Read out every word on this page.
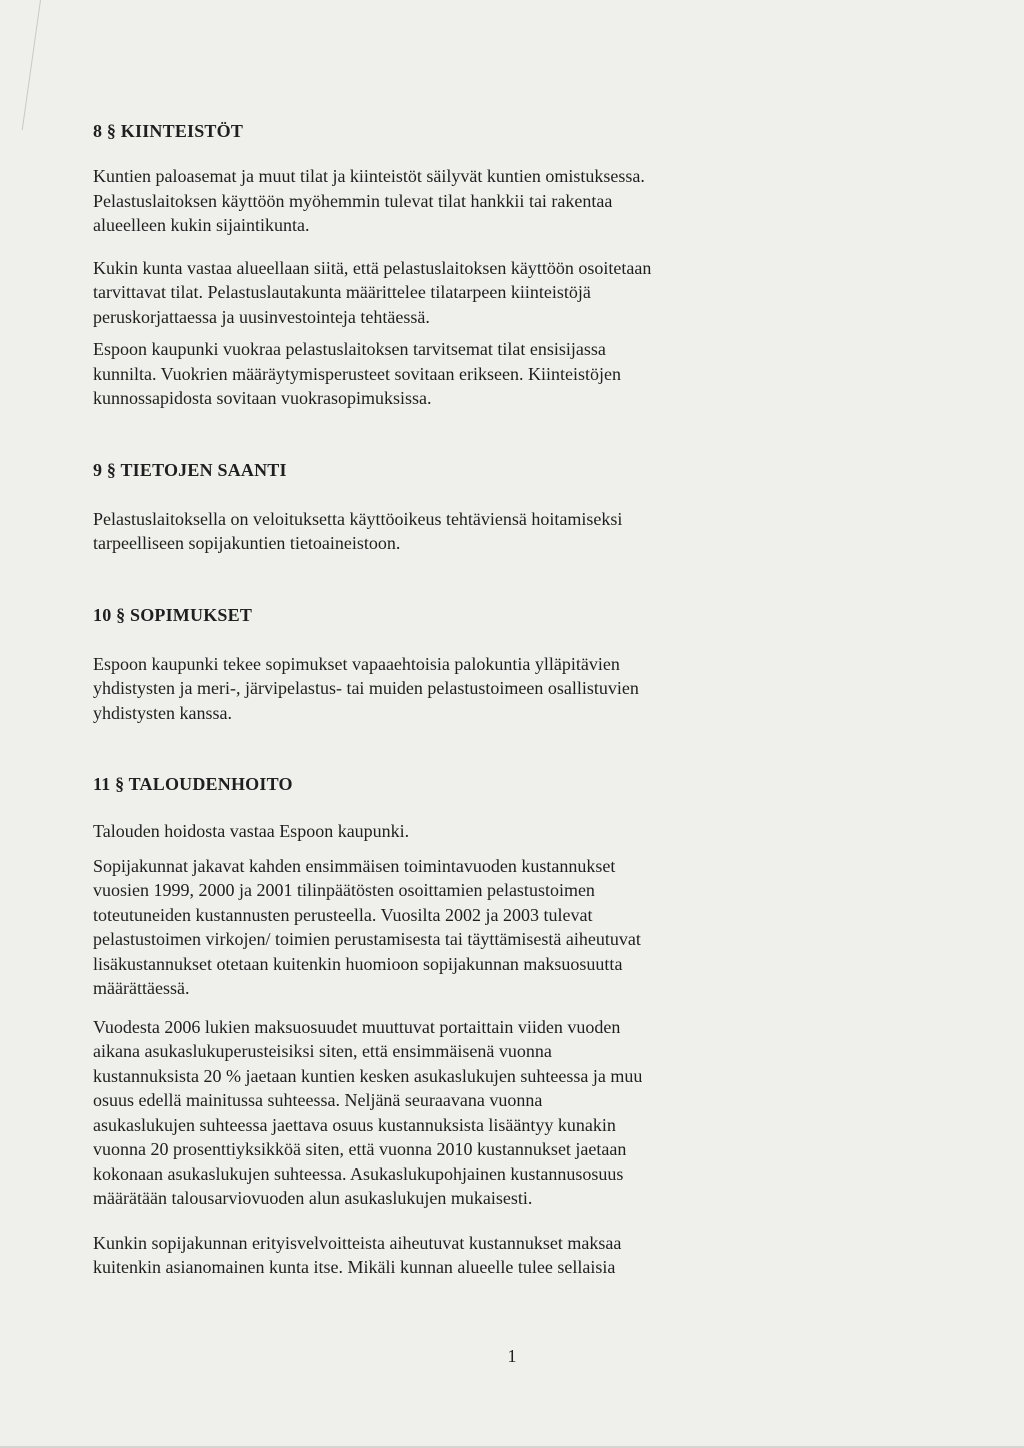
8 § KIINTEISTÖT

Kuntien paloasemat ja muut tilat ja kiinteistöt säilyvät kuntien omistuksessa.
Pelastuslaitoksen käyttöön myöhemmin tulevat tilat hankkii tai rakentaa
alueelleen kukin sijaintikunta.

Kukin kunta vastaa alueellaan siitä, että pelastuslaitoksen käyttöön osoitetaan
tarvittavat tilat. Pelastuslautakunta määrittelee tilatarpeen kiinteistöjä
peruskorjattaessa ja uusinvestointeja tehtäessä.

Espoon kaupunki vuokraa pelastuslaitoksen tarvitsemat tilat ensisijassa
kunnilta. Vuokrien määräytymisperusteet sovitaan erikseen. Kiinteistöjen
kunnossapidosta sovitaan vuokrasopimuksissa.

9 § TIETOJEN SAANTI

Pelastuslaitoksella on veloituksetta käyttöoikeus tehtäviensä hoitamiseksi
tarpeelliseen sopijakuntien tietoaineistoon.

10 § SOPIMUKSET

Espoon kaupunki tekee sopimukset vapaaehtoisia palokuntia ylläpitävien
yhdistysten ja meri-, järvipelastus- tai muiden pelastustoimeen osallistuvien
yhdistysten kanssa.

11 § TALOUDENHOITO

Talouden hoidosta vastaa Espoon kaupunki.

Sopijakunnat jakavat kahden ensimmäisen toimintavuoden kustannukset
vuosien 1999, 2000 ja 2001 tilinpäätösten osoittamien pelastustoimen
toteutuneiden kustannusten perusteella. Vuosilta 2002 ja 2003 tulevat
pelastustoimen virkojen/ toimien perustamisesta tai täyttämisestä aiheutuvat
lisäkustannukset otetaan kuitenkin huomioon sopijakunnan maksuosuutta
määrättäessä.

Vuodesta 2006 lukien maksuosuudet muuttuvat portaittain viiden vuoden
aikana asukaslukuperusteisiksi siten, että ensimmäisenä vuonna
kustannuksista 20 % jaetaan kuntien kesken asukaslukujen suhteessa ja muu
osuus edellä mainitussa suhteessa. Neljänä seuraavana vuonna
asukaslukujen suhteessa jaettava osuus kustannuksista lisääntyy kunakin
vuonna 20 prosenttiyksikköä siten, että vuonna 2010 kustannukset jaetaan
kokonaan asukaslukujen suhteessa. Asukaslukupohjainen kustannusosuus
määrätään talousarviovuoden alun asukaslukujen mukaisesti.

Kunkin sopijakunnan erityisvelvoitteista aiheutuvat kustannukset maksaa
kuitenkin asianomainen kunta itse. Mikäli kunnan alueelle tulee sellaisia

1
